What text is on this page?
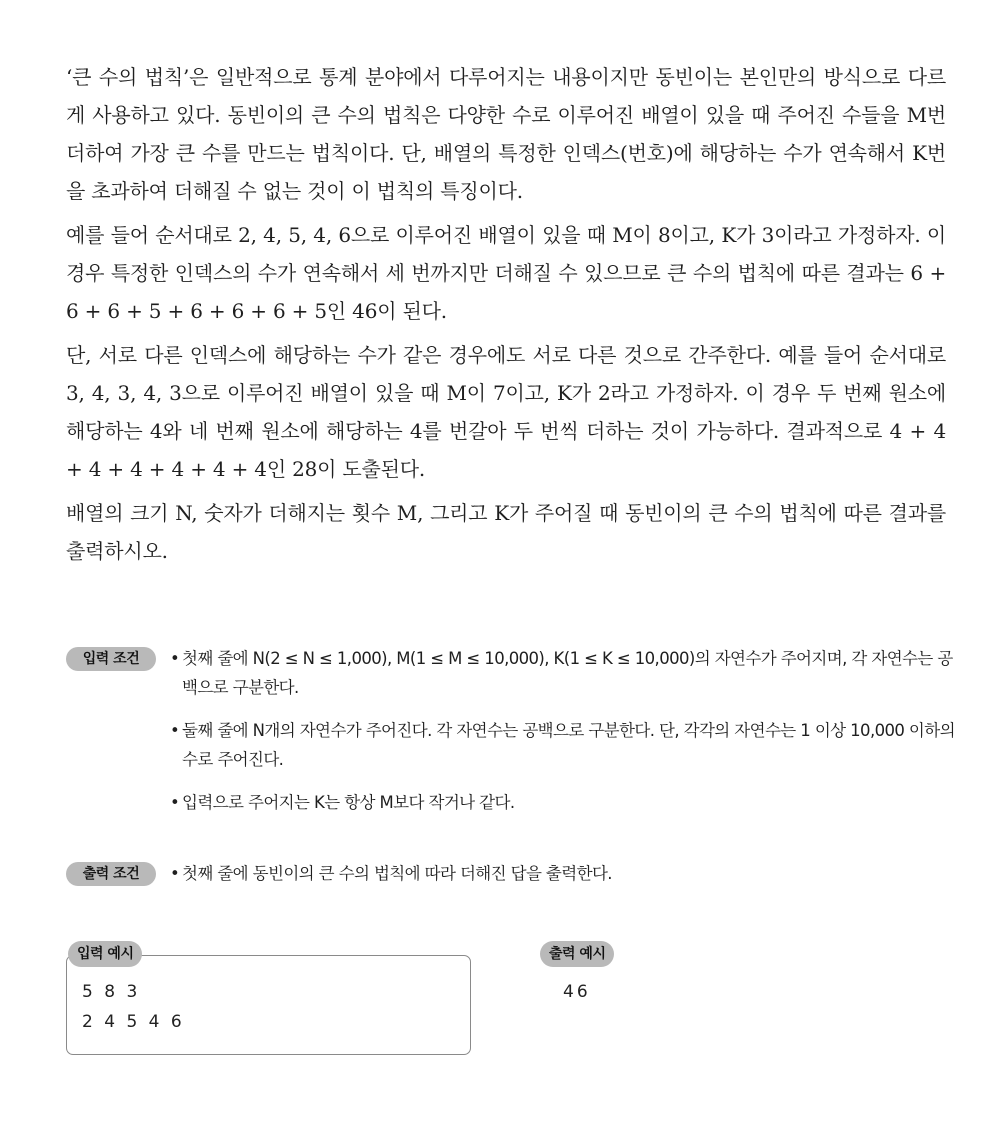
‘큰 수의 법칙’은 일반적으로 통계 분야에서 다루어지는 내용이지만 동빈이는 본인만의 방식으로 다르게 사용하고 있다. 동빈이의 큰 수의 법칙은 다양한 수로 이루어진 배열이 있을 때 주어진 수들을 M번 더하여 가장 큰 수를 만드는 법칙이다. 단, 배열의 특정한 인덱스(번호)에 해당하는 수가 연속해서 K번을 초과하여 더해질 수 없는 것이 이 법칙의 특징이다.

예를 들어 순서대로 2, 4, 5, 4, 6으로 이루어진 배열이 있을 때 M이 8이고, K가 3이라고 가정하자. 이 경우 특정한 인덱스의 수가 연속해서 세 번까지만 더해질 수 있으므로 큰 수의 법칙에 따른 결과는 6 + 6 + 6 + 5 + 6 + 6 + 6 + 5인 46이 된다.

단, 서로 다른 인덱스에 해당하는 수가 같은 경우에도 서로 다른 것으로 간주한다. 예를 들어 순서대로 3, 4, 3, 4, 3으로 이루어진 배열이 있을 때 M이 7이고, K가 2라고 가정하자. 이 경우 두 번째 원소에 해당하는 4와 네 번째 원소에 해당하는 4를 번갈아 두 번씩 더하는 것이 가능하다. 결과적으로 4 + 4 + 4 + 4 + 4 + 4 + 4인 28이 도출된다.

배열의 크기 N, 숫자가 더해지는 횟수 M, 그리고 K가 주어질 때 동빈이의 큰 수의 법칙에 따른 결과를 출력하시오.

입력 조건	• 첫째 줄에 N(2 ≤ N ≤ 1,000), M(1 ≤ M ≤ 10,000), K(1 ≤ K ≤ 10,000)의 자연수가 주어지며, 각 자연수는 공백으로 구분한다.
• 둘째 줄에 N개의 자연수가 주어진다. 각 자연수는 공백으로 구분한다. 단, 각각의 자연수는 1 이상 10,000 이하의 수로 주어진다.
• 입력으로 주어지는 K는 항상 M보다 작거나 같다.
출력 조건	• 첫째 줄에 동빈이의 큰 수의 법칙에 따라 더해진 답을 출력한다.
입력 예시
5 8 3
2 4 5 4 6
출력 예시
46
